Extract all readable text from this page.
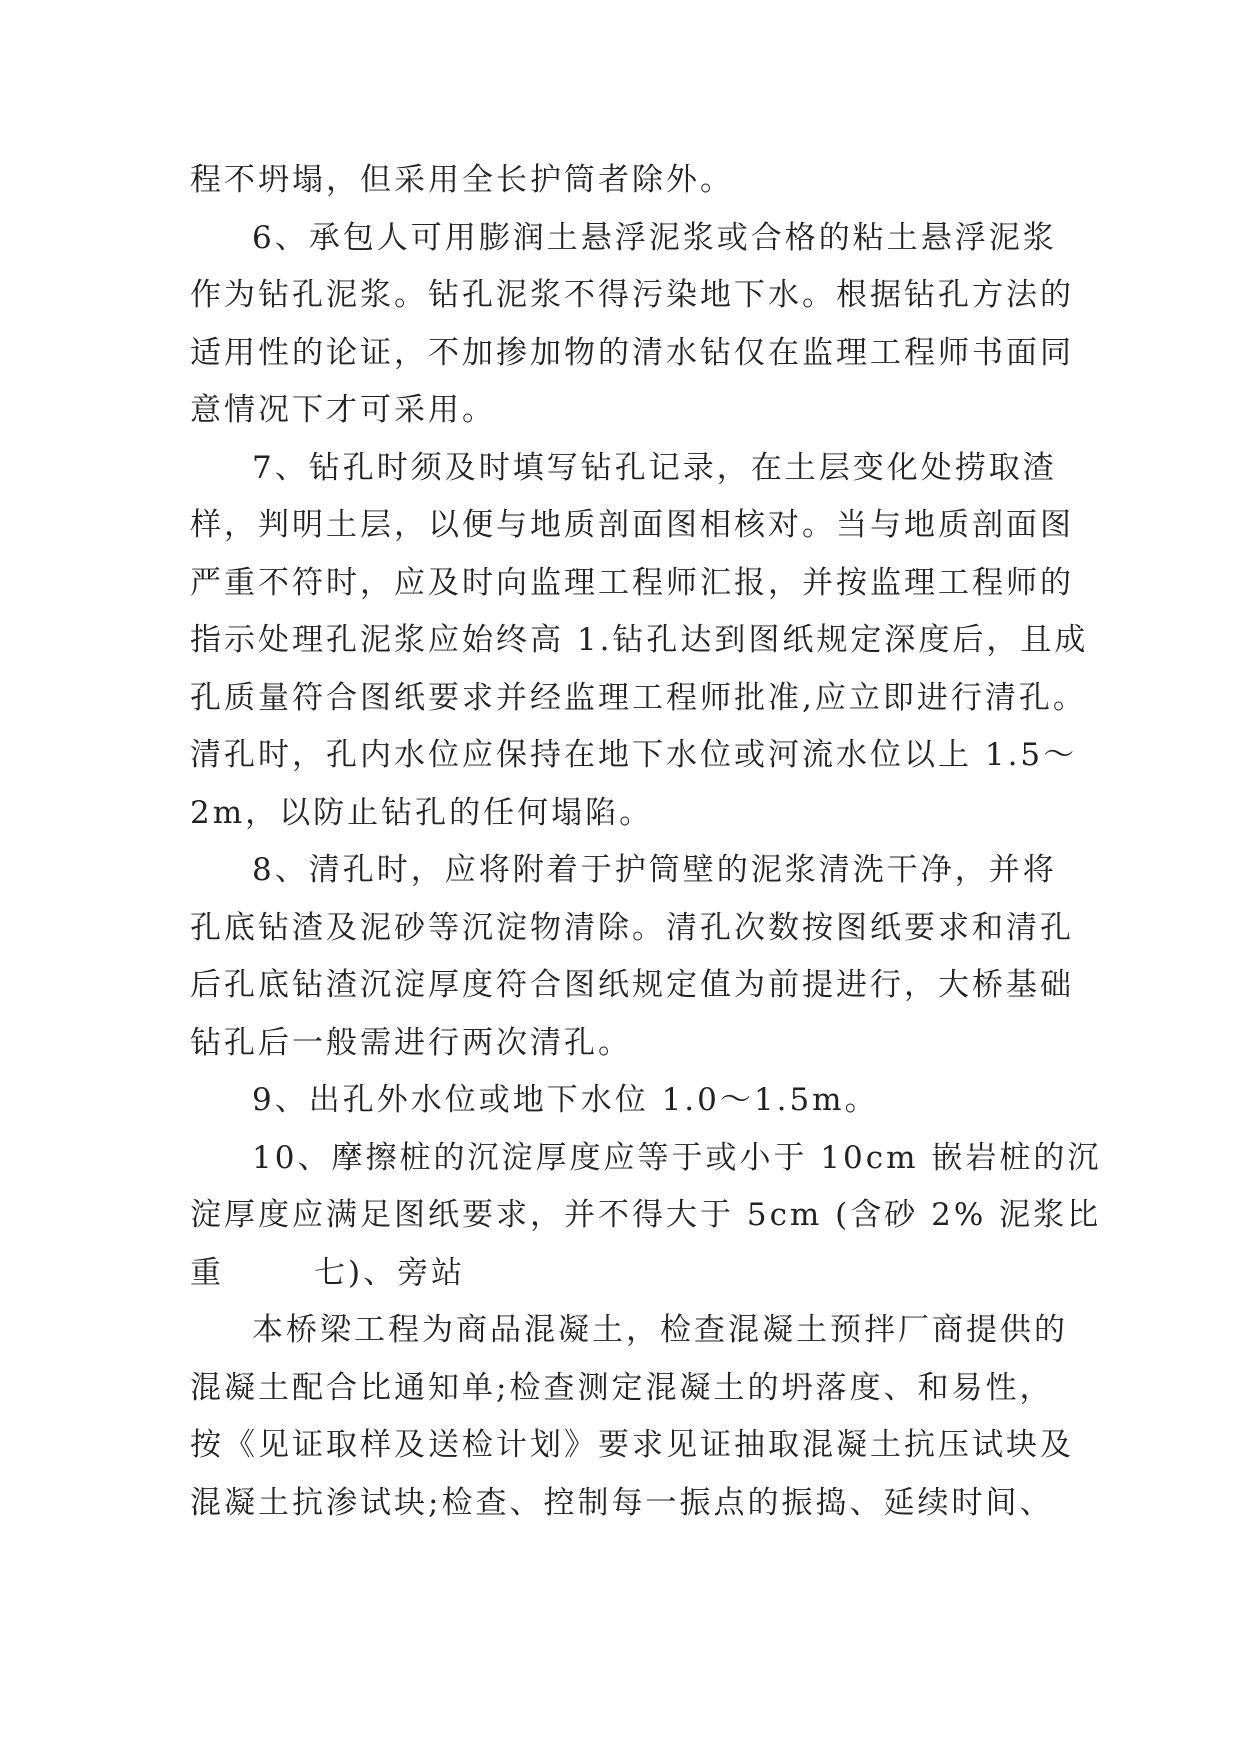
程不坍塌，但采用全长护筒者除外。
6、承包人可用膨润土悬浮泥浆或合格的粘土悬浮泥浆
作为钻孔泥浆。钻孔泥浆不得污染地下水。根据钻孔方法的
适用性的论证，不加掺加物的清水钻仅在监理工程师书面同
意情况下才可采用。
7、钻孔时须及时填写钻孔记录，在土层变化处捞取渣
样，判明土层，以便与地质剖面图相核对。当与地质剖面图
严重不符时，应及时向监理工程师汇报，并按监理工程师的
指示处理孔泥浆应始终高 1.钻孔达到图纸规定深度后，且成
孔质量符合图纸要求并经监理工程师批准,应立即进行清孔。
清孔时，孔内水位应保持在地下水位或河流水位以上 1.5～
2m，以防止钻孔的任何塌陷。
8、清孔时，应将附着于护筒壁的泥浆清洗干净，并将
孔底钻渣及泥砂等沉淀物清除。清孔次数按图纸要求和清孔
后孔底钻渣沉淀厚度符合图纸规定值为前提进行，大桥基础
钻孔后一般需进行两次清孔。
9、出孔外水位或地下水位 1.0～1.5m。
10、摩擦桩的沉淀厚度应等于或小于 10cm 嵌岩桩的沉
淀厚度应满足图纸要求，并不得大于 5cm (含砂 2% 泥浆比
重	七)、旁站
本桥梁工程为商品混凝土，检查混凝土预拌厂商提供的
混凝土配合比通知单;检查测定混凝土的坍落度、和易性，
按《见证取样及送检计划》要求见证抽取混凝土抗压试块及
混凝土抗渗试块;检查、控制每一振点的振捣、延续时间、
